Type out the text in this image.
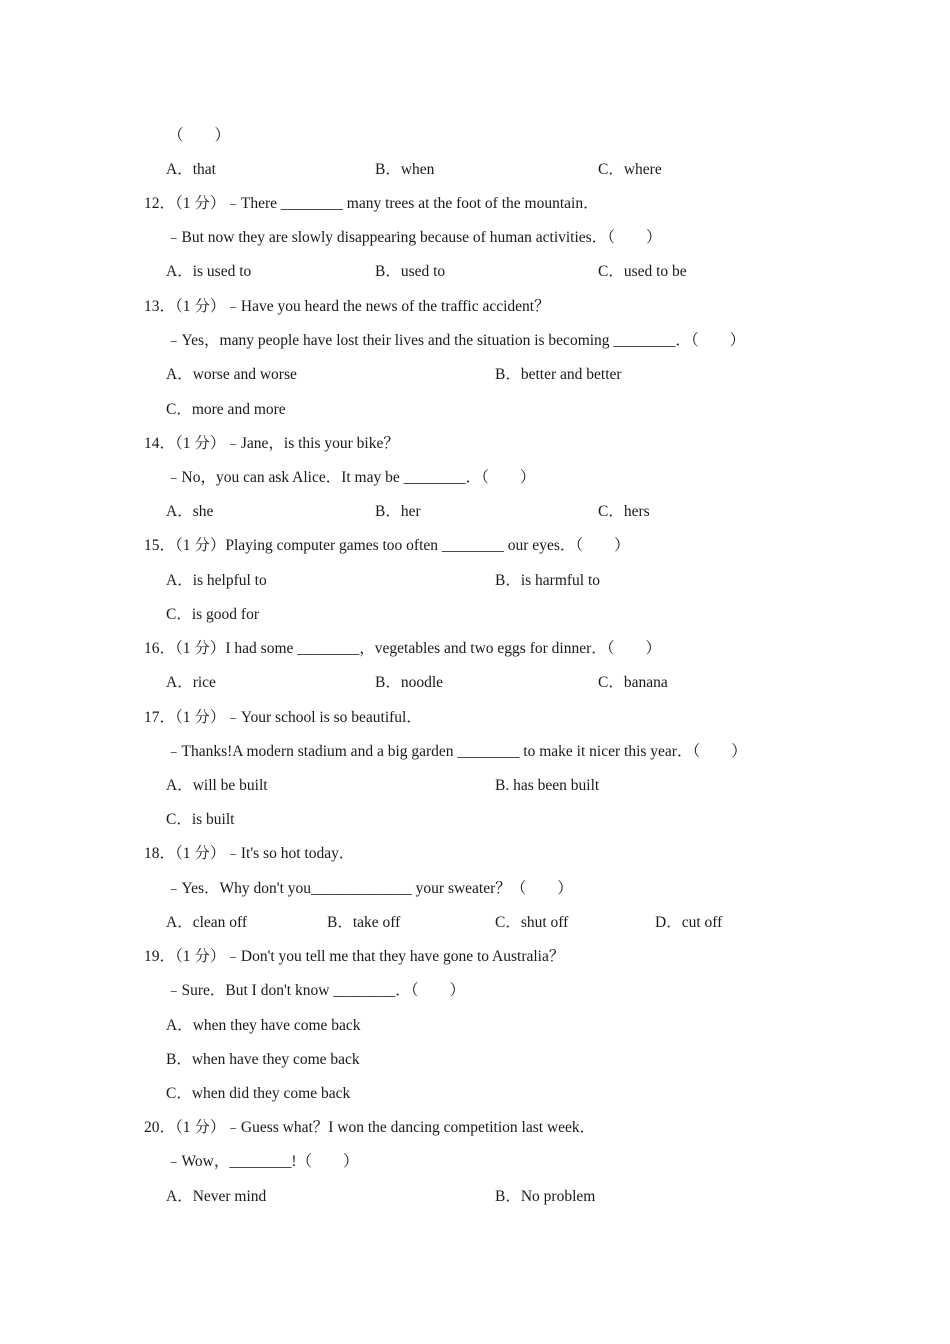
（　　）
A．that	B．when	C．where
12．（1 分）﹣There ________ many trees at the foot of the mountain．
﹣But now they are slowly disappearing because of human activities．（　　）
A．is used to	B．used to	C．used to be
13．（1 分）﹣Have you heard the news of the traffic accident？
﹣Yes，many people have lost their lives and the situation is becoming ________．（　　）
A．worse and worse	B．better and better
C．more and more
14．（1 分）﹣Jane，is this your bike？
﹣No，you can ask Alice．It may be ________．（　　）
A．she	B．her	C．hers
15．（1 分）Playing computer games too often ________ our eyes．（　　）
A．is helpful to	B．is harmful to
C．is good for
16．（1 分）I had some ________，vegetables and two eggs for dinner．（　　）
A．rice	B．noodle	C．banana
17．（1 分）﹣Your school is so beautiful．
﹣Thanks!A modern stadium and a big garden ________ to make it nicer this year．（　　）
A．will be built	B. has been built
C．is built
18．（1 分）﹣It's so hot today．
﹣Yes．Why don't you_____________ your sweater？（　　）
A．clean off	B．take off	C．shut off	D．cut off
19．（1 分）﹣Don't you tell me that they have gone to Australia？
﹣Sure．But I don't know ________．（　　）
A．when they have come back
B．when have they come back
C．when did they come back
20．（1 分）﹣Guess what？I won the dancing competition last week．
﹣Wow，________!（　　）
A．Never mind	B．No problem
